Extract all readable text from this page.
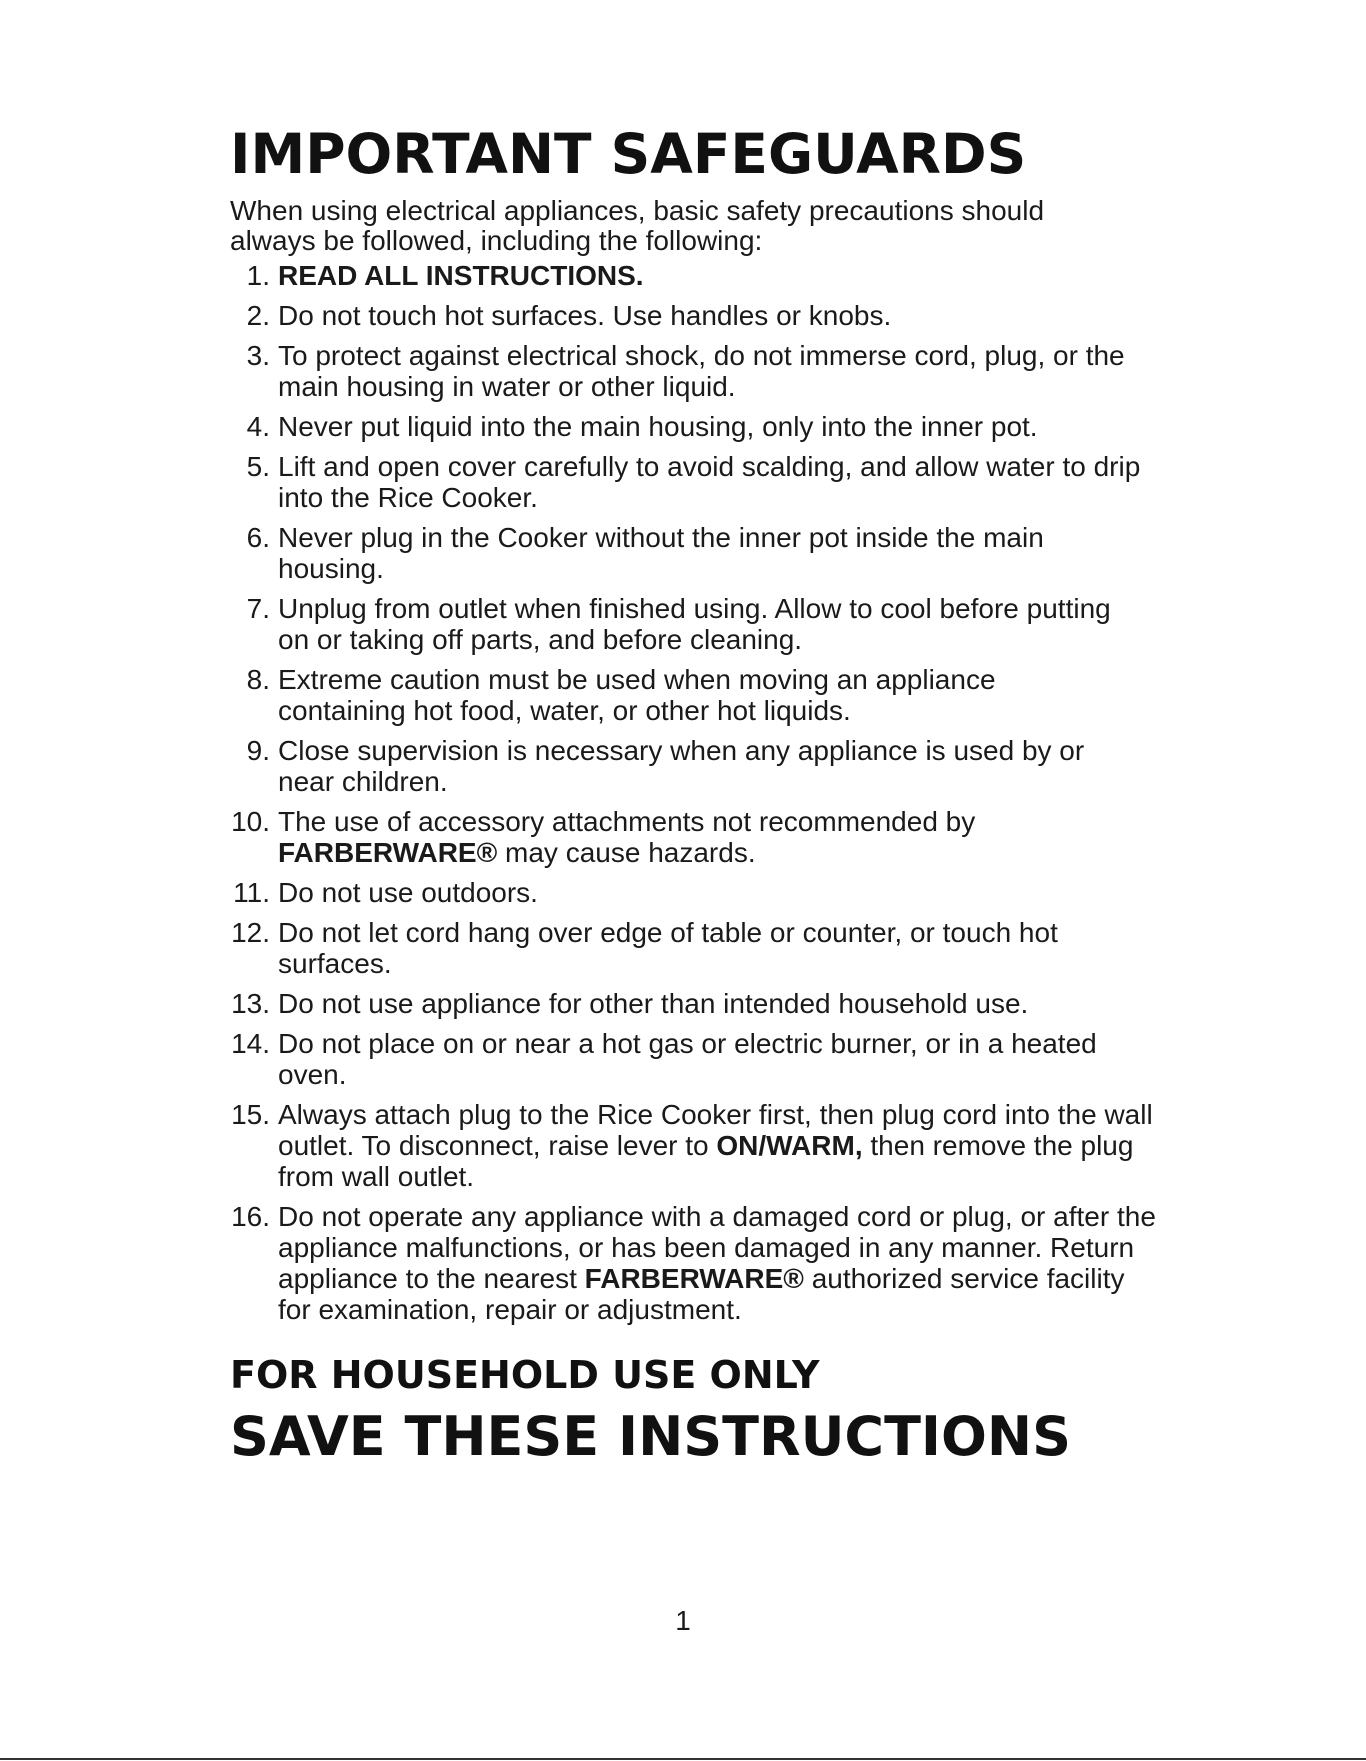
IMPORTANT SAFEGUARDS

When using electrical appliances, basic safety precautions should always be followed, including the following:

1. READ ALL INSTRUCTIONS.
2. Do not touch hot surfaces. Use handles or knobs.
3. To protect against electrical shock, do not immerse cord, plug, or the main housing in water or other liquid.
4. Never put liquid into the main housing, only into the inner pot.
5. Lift and open cover carefully to avoid scalding, and allow water to drip into the Rice Cooker.
6. Never plug in the Cooker without the inner pot inside the main housing.
7. Unplug from outlet when finished using. Allow to cool before putting on or taking off parts, and before cleaning.
8. Extreme caution must be used when moving an appliance containing hot food, water, or other hot liquids.
9. Close supervision is necessary when any appliance is used by or near children.
10. The use of accessory attachments not recommended by FARBERWARE® may cause hazards.
11. Do not use outdoors.
12. Do not let cord hang over edge of table or counter, or touch hot surfaces.
13. Do not use appliance for other than intended household use.
14. Do not place on or near a hot gas or electric burner, or in a heated oven.
15. Always attach plug to the Rice Cooker first, then plug cord into the wall outlet. To disconnect, raise lever to ON/WARM, then remove the plug from wall outlet.
16. Do not operate any appliance with a damaged cord or plug, or after the appliance malfunctions, or has been damaged in any manner. Return appliance to the nearest FARBERWARE® authorized service facility for examination, repair or adjustment.
FOR HOUSEHOLD USE ONLY
SAVE THESE INSTRUCTIONS
1
